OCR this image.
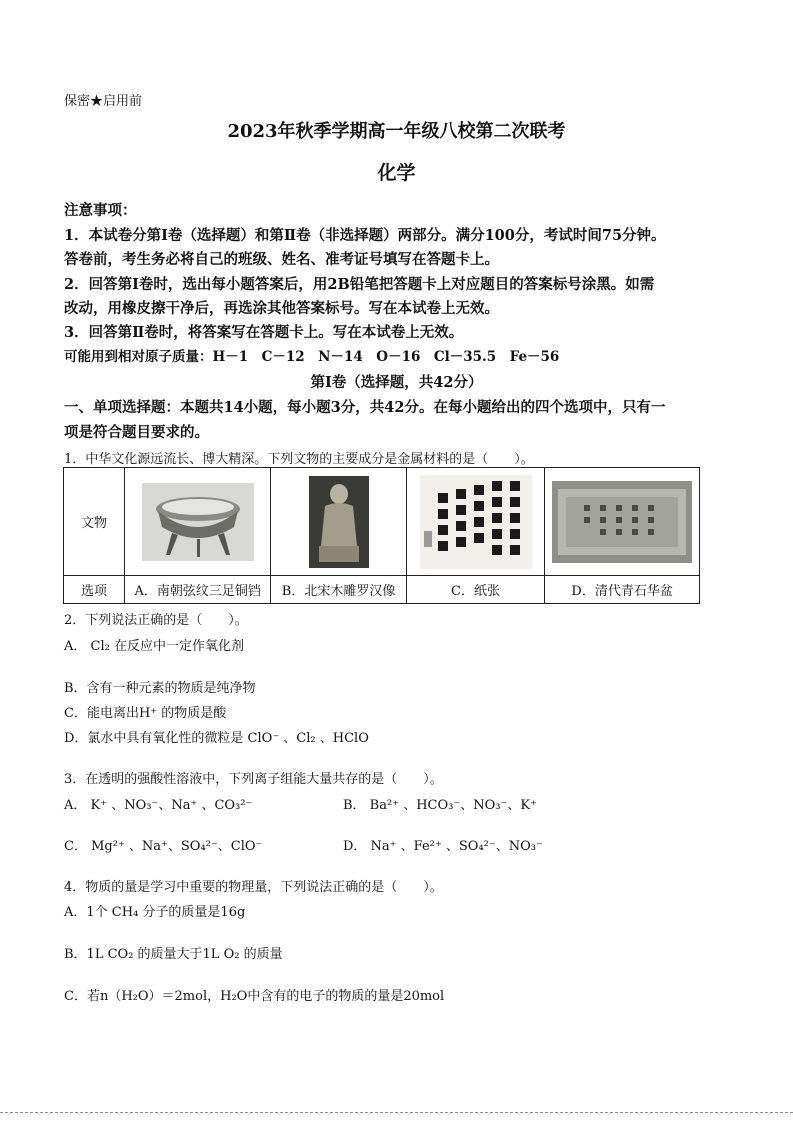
保密★启用前
2023年秋季学期高一年级八校第二次联考
化学
注意事项：
1．本试卷分第Ⅰ卷（选择题）和第Ⅱ卷（非选择题）两部分。满分100分，考试时间75分钟。
答卷前，考生务必将自己的班级、姓名、准考证号填写在答题卡上。
2．回答第Ⅰ卷时，选出每小题答案后，用2B铅笔把答题卡上对应题目的答案标号涂黑。如需
改动，用橡皮擦干净后，再选涂其他答案标号。写在本试卷上无效。
3．回答第Ⅱ卷时，将答案写在答题卡上。写在本试卷上无效。
可能用到相对原子质量：H－1　C－12　N－14　O－16　Cl－35.5　Fe－56
第Ⅰ卷（选择题，共42分）
一、单项选择题：本题共14小题，每小题3分，共42分。在每小题给出的四个选项中，只有一
项是符合题目要求的。
1．中华文化源远流长、博大精深。下列文物的主要成分是金属材料的是（　　）。
文物				
选项	A．南朝弦纹三足铜铛	B．北宋木雕罗汉像	C．纸张	D．清代青石华盆
2．下列说法正确的是（　　）。
A． Cl₂ 在反应中一定作氧化剂
B．含有一种元素的物质是纯净物
C．能电离出H⁺ 的物质是酸
D．氯水中具有氧化性的微粒是 ClO⁻ 、Cl₂ 、HClO
3．在透明的强酸性溶液中，下列离子组能大量共存的是（　　）。
A． K⁺ 、NO₃⁻、Na⁺ 、CO₃²⁻	B． Ba²⁺ 、HCO₃⁻、NO₃⁻、K⁺
C． Mg²⁺ 、Na⁺、SO₄²⁻、ClO⁻	D． Na⁺ 、Fe²⁺ 、SO₄²⁻、NO₃⁻
4．物质的量是学习中重要的物理量，下列说法正确的是（　　）。
A．1个 CH₄ 分子的质量是16g
B．1L CO₂ 的质量大于1L O₂ 的质量
C．若n（H₂O）＝2mol，H₂O中含有的电子的物质的量是20mol
